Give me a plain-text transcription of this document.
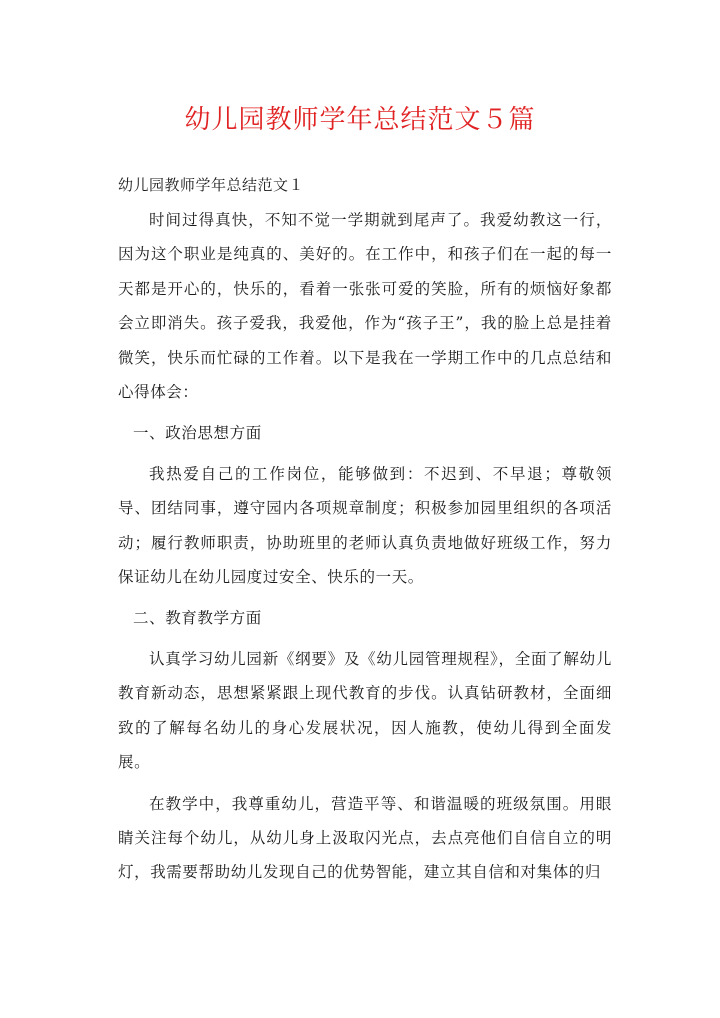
幼儿园教师学年总结范文５篇
幼儿园教师学年总结范文１

时间过得真快，不知不觉一学期就到尾声了。我爱幼教这一行，因为这个职业是纯真的、美好的。在工作中，和孩子们在一起的每一天都是开心的，快乐的，看着一张张可爱的笑脸，所有的烦恼好象都会立即消失。孩子爱我，我爱他，作为“孩子王”，我的脸上总是挂着微笑，快乐而忙碌的工作着。以下是我在一学期工作中的几点总结和心得体会：

一、政治思想方面

我热爱自己的工作岗位，能够做到：不迟到、不早退；尊敬领导、团结同事，遵守园内各项规章制度；积极参加园里组织的各项活动；履行教师职责，协助班里的老师认真负责地做好班级工作，努力保证幼儿在幼儿园度过安全、快乐的一天。

二、教育教学方面

认真学习幼儿园新《纲要》及《幼儿园管理规程》，全面了解幼儿教育新动态，思想紧紧跟上现代教育的步伐。认真钻研教材，全面细致的了解每名幼儿的身心发展状况，因人施教，使幼儿得到全面发展。

在教学中，我尊重幼儿，营造平等、和谐温暖的班级氛围。用眼睛关注每个幼儿，从幼儿身上汲取闪光点，去点亮他们自信自立的明灯，我需要帮助幼儿发现自己的优势智能，建立其自信和对集体的归
